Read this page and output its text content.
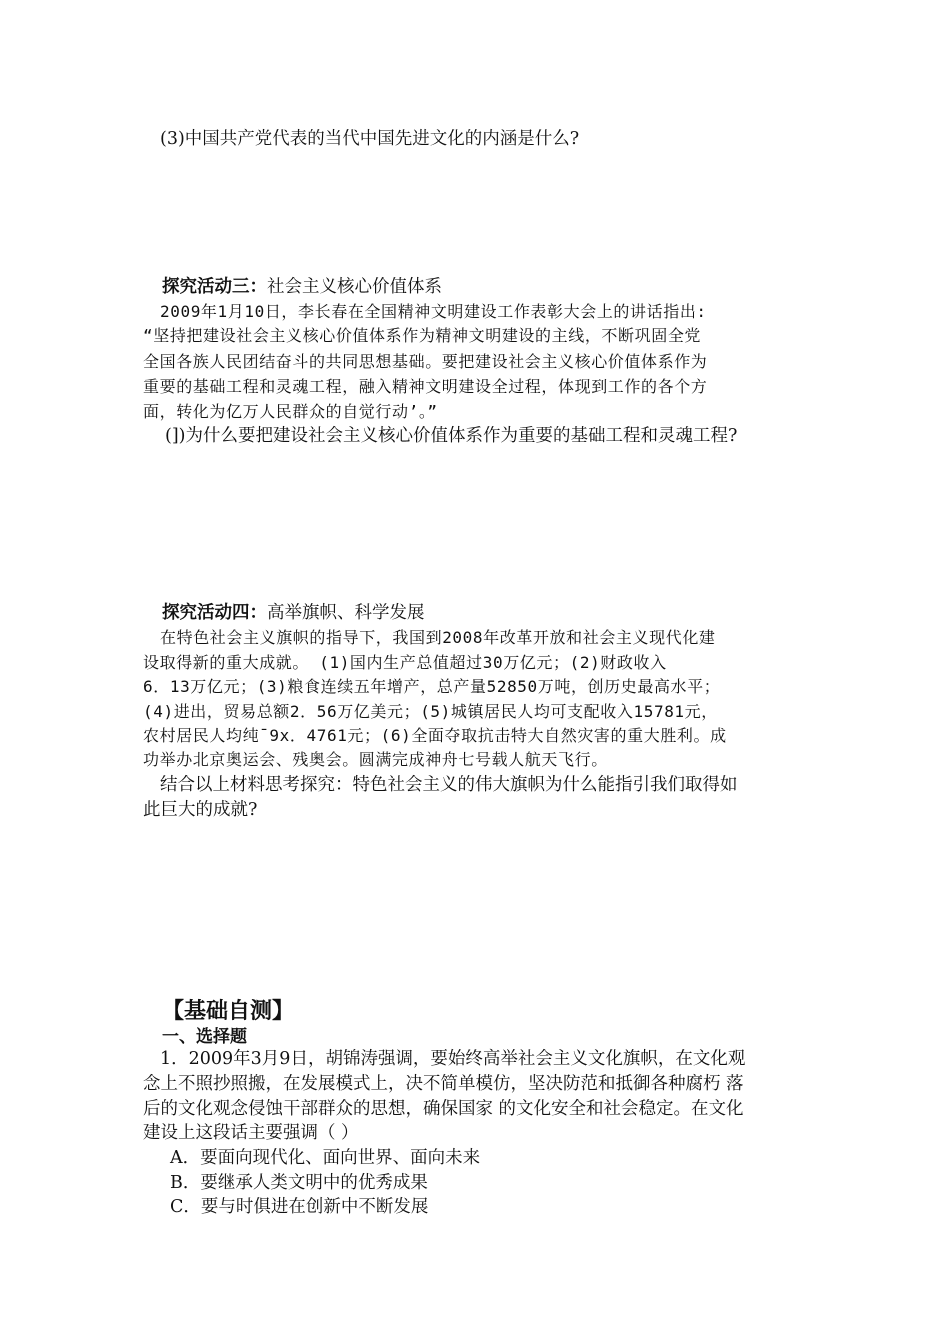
(3)中国共产党代表的当代中国先进文化的内涵是什么?
探究活动三：社会主义核心价值体系
2009年1月10日，李长春在全国精神文明建设工作表彰大会上的讲话指出:
“坚持把建设社会主义核心价值体系作为精神文明建设的主线，不断巩固全党
全国各族人民团结奋斗的共同思想基础。要把建设社会主义核心价值体系作为
重要的基础工程和灵魂工程，融入精神文明建设全过程，体现到工作的各个方
面，转化为亿万人民群众的自觉行动’。”
(])为什么要把建设社会主义核心价值体系作为重要的基础工程和灵魂工程?
探究活动四：高举旗帜、科学发展
在特色社会主义旗帜的指导下，我国到2008年改革开放和社会主义现代化建
设取得新的重大成就。 (1)国内生产总值超过30万亿元；(2)财政收入
6．13万亿元；(3)粮食连续五年增产，总产量52850万吨，创历史最高水平；
(4)进出，贸易总额2．56万亿美元；(5)城镇居民人均可支配收入15781元，
农村居民人均纯¯9x．4761元；(6)全面夺取抗击特大自然灾害的重大胜利。成
功举办北京奥运会、残奥会。圆满完成神舟七号载人航天飞行。
结合以上材料思考探究：特色社会主义的伟大旗帜为什么能指引我们取得如
此巨大的成就?
【基础自测】
一、选择题
1．2009年3月9日，胡锦涛强调，要始终高举社会主义文化旗帜，在文化观
念上不照抄照搬，在发展模式上，决不简单模仿，坚决防范和抵御各种腐朽 落
后的文化观念侵蚀干部群众的思想，确保国家 的文化安全和社会稳定。在文化
建设上这段话主要强调（ ）
A．要面向现代化、面向世界、面向未来
B．要继承人类文明中的优秀成果
C．要与时俱进在创新中不断发展
